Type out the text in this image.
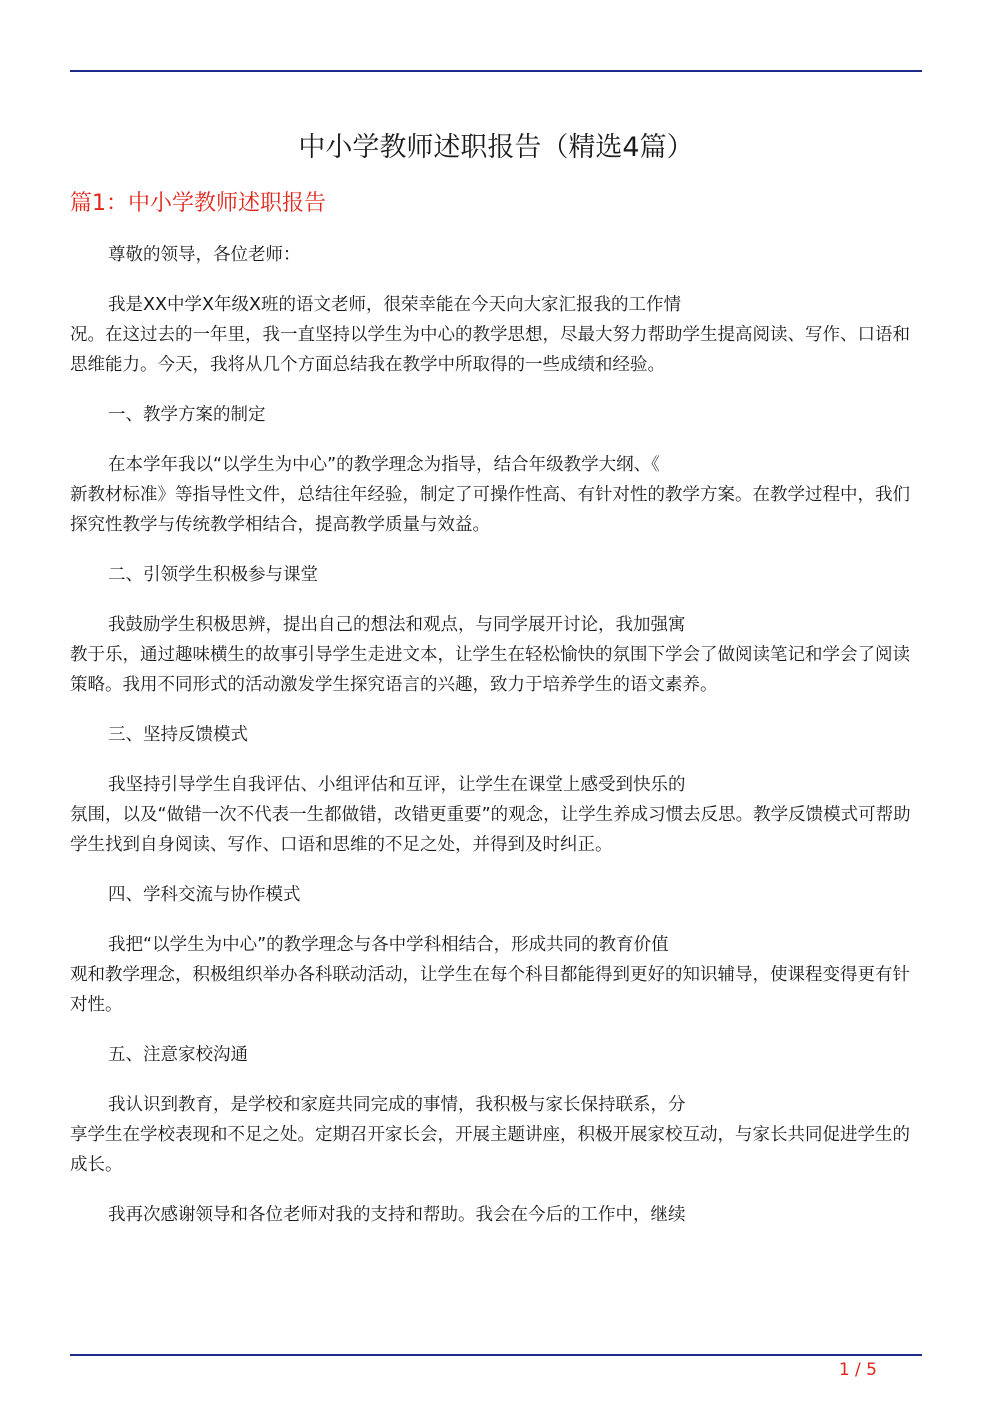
中小学教师述职报告（精选4篇）
篇1：中小学教师述职报告

尊敬的领导，各位老师：

我是XX中学X年级X班的语文老师，很荣幸能在今天向大家汇报我的工作情
况。在这过去的一年里，我一直坚持以学生为中心的教学思想，尽最大努力帮助学生提高阅读、写作、口语和思维能力。今天，我将从几个方面总结我在教学中所取得的一些成绩和经验。

一、教学方案的制定

在本学年我以“以学生为中心”的教学理念为指导，结合年级教学大纲、《
新教材标准》等指导性文件，总结往年经验，制定了可操作性高、有针对性的教学方案。在教学过程中，我们探究性教学与传统教学相结合，提高教学质量与效益。

二、引领学生积极参与课堂

我鼓励学生积极思辨，提出自己的想法和观点，与同学展开讨论，我加强寓
教于乐，通过趣味横生的故事引导学生走进文本，让学生在轻松愉快的氛围下学会了做阅读笔记和学会了阅读策略。我用不同形式的活动激发学生探究语言的兴趣，致力于培养学生的语文素养。

三、坚持反馈模式

我坚持引导学生自我评估、小组评估和互评，让学生在课堂上感受到快乐的
氛围，以及“做错一次不代表一生都做错，改错更重要”的观念，让学生养成习惯去反思。教学反馈模式可帮助学生找到自身阅读、写作、口语和思维的不足之处，并得到及时纠正。

四、学科交流与协作模式

我把“以学生为中心”的教学理念与各中学科相结合，形成共同的教育价值
观和教学理念，积极组织举办各科联动活动，让学生在每个科目都能得到更好的知识辅导，使课程变得更有针对性。

五、注意家校沟通

我认识到教育，是学校和家庭共同完成的事情，我积极与家长保持联系，分
享学生在学校表现和不足之处。定期召开家长会，开展主题讲座，积极开展家校互动，与家长共同促进学生的成长。

我再次感谢领导和各位老师对我的支持和帮助。我会在今后的工作中，继续

1 / 5
